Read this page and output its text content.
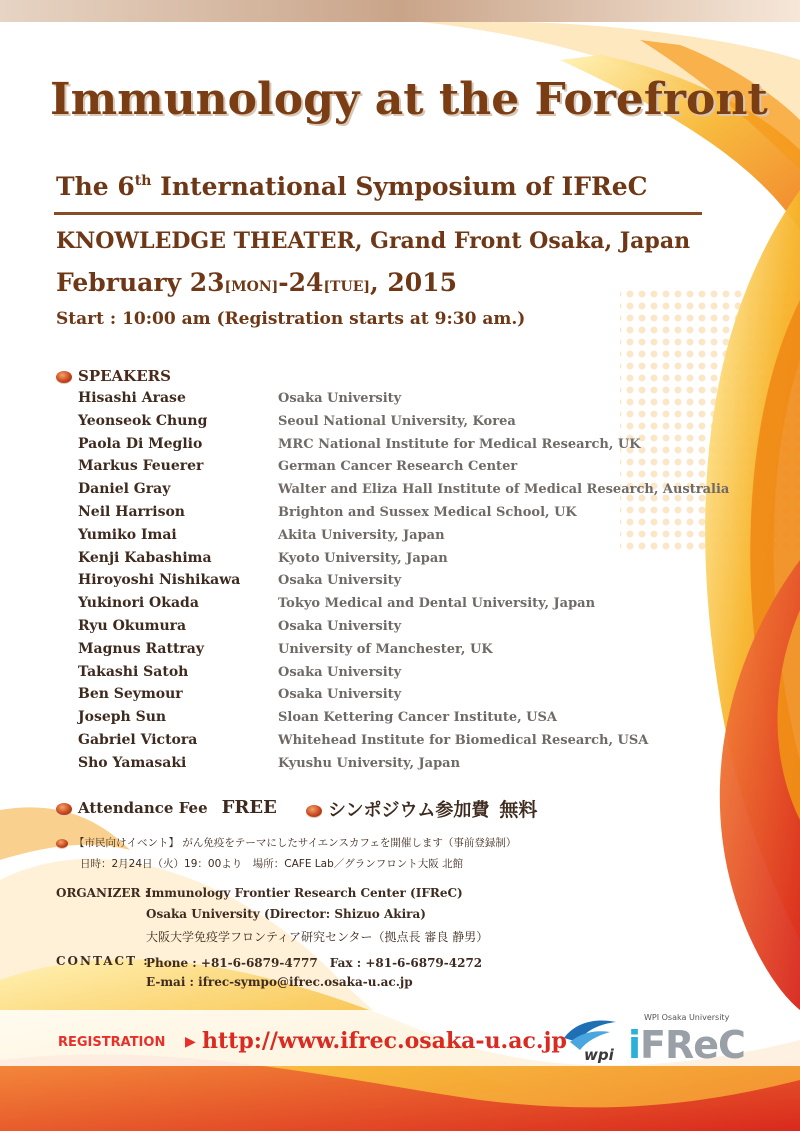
Immunology at the Forefront
The 6th International Symposium of IFReC
KNOWLEDGE THEATER, Grand Front Osaka, Japan
February 23[MON]-24[TUE], 2015
Start : 10:00 am (Registration starts at 9:30 am.)
SPEAKERS
Hisashi Arase	Osaka University
Yeonseok Chung	Seoul National University, Korea
Paola Di Meglio	MRC National Institute for Medical Research, UK
Markus Feuerer	German Cancer Research Center
Daniel Gray	Walter and Eliza Hall Institute of Medical Research, Australia
Neil Harrison	Brighton and Sussex Medical School, UK
Yumiko Imai	Akita University, Japan
Kenji Kabashima	Kyoto University, Japan
Hiroyoshi Nishikawa	Osaka University
Yukinori Okada	Tokyo Medical and Dental University, Japan
Ryu Okumura	Osaka University
Magnus Rattray	University of Manchester, UK
Takashi Satoh	Osaka University
Ben Seymour	Osaka University
Joseph Sun	Sloan Kettering Cancer Institute, USA
Gabriel Victora	Whitehead Institute for Biomedical Research, USA
Sho Yamasaki	Kyushu University, Japan
Attendance Fee FREE	シンポジウム参加費 無料
【市民向けイベント】 がん免疫をテーマにしたサイエンスカフェを開催します（事前登録制）
日時：2月24日（火）19：00より　場所：CAFE Lab／グランフロント大阪 北館
ORGANIZER :
Immunology Frontier Research Center (IFReC)
Osaka University (Director: Shizuo Akira)
大阪大学免疫学フロンティア研究センター（拠点長 審良 静男）
CONTACT :
Phone : +81-6-6879-4777　Fax : +81-6-6879-4272
E-mai : ifrec-sympo@ifrec.osaka-u.ac.jp
REGISTRATION ▶ http://www.ifrec.osaka-u.ac.jp
wpi
WPI Osaka University
iFReC
